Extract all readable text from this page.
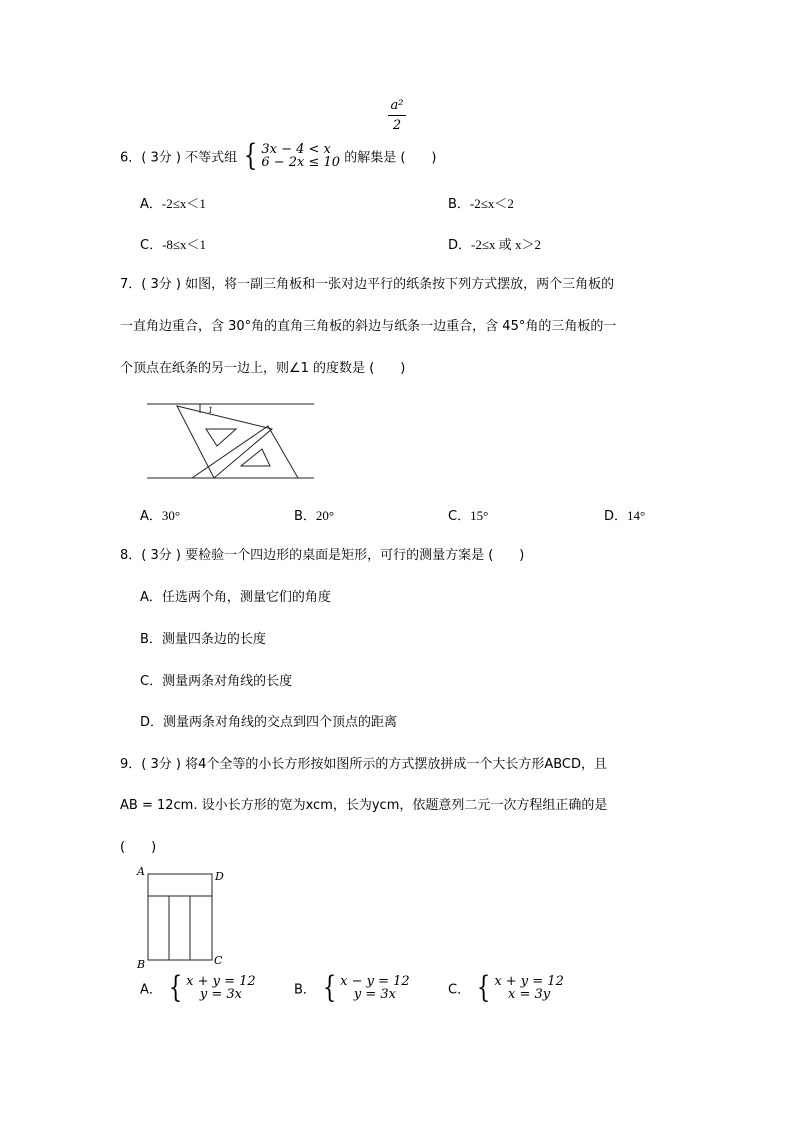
a²
2
6．( 3分 ) 不等式组 { 3x − 4 < x
6 − 2x ≤ 10 的解集是 (　　)
A．-2≤x＜1	B．-2≤x＜2
C．-8≤x＜1	D．-2≤x 或 x＞2
7．( 3分 ) 如图，将一副三角板和一张对边平行的纸条按下列方式摆放，两个三角板的
一直角边重合，含 30°角的直角三角板的斜边与纸条一边重合，含 45°角的三角板的一
个顶点在纸条的另一边上，则∠1 的度数是 (　　)
1
A．30°	B．20°	C．15°	D．14°
8．( 3分 ) 要检验一个四边形的桌面是矩形，可行的测量方案是 (　　)
A．任选两个角，测量它们的角度
B．测量四条边的长度
C．测量两条对角线的长度
D．测量两条对角线的交点到四个顶点的距离
9．( 3分 ) 将4个全等的小长方形按如图所示的方式摆放拼成一个大长方形ABCD，且
AB = 12cm. 设小长方形的宽为xcm，长为ycm，依题意列二元一次方程组正确的是
(　　)
A	D
B	C
A． { x + y = 12
y = 3x	B． { x − y = 12
y = 3x	C． { x + y = 12
x = 3y
